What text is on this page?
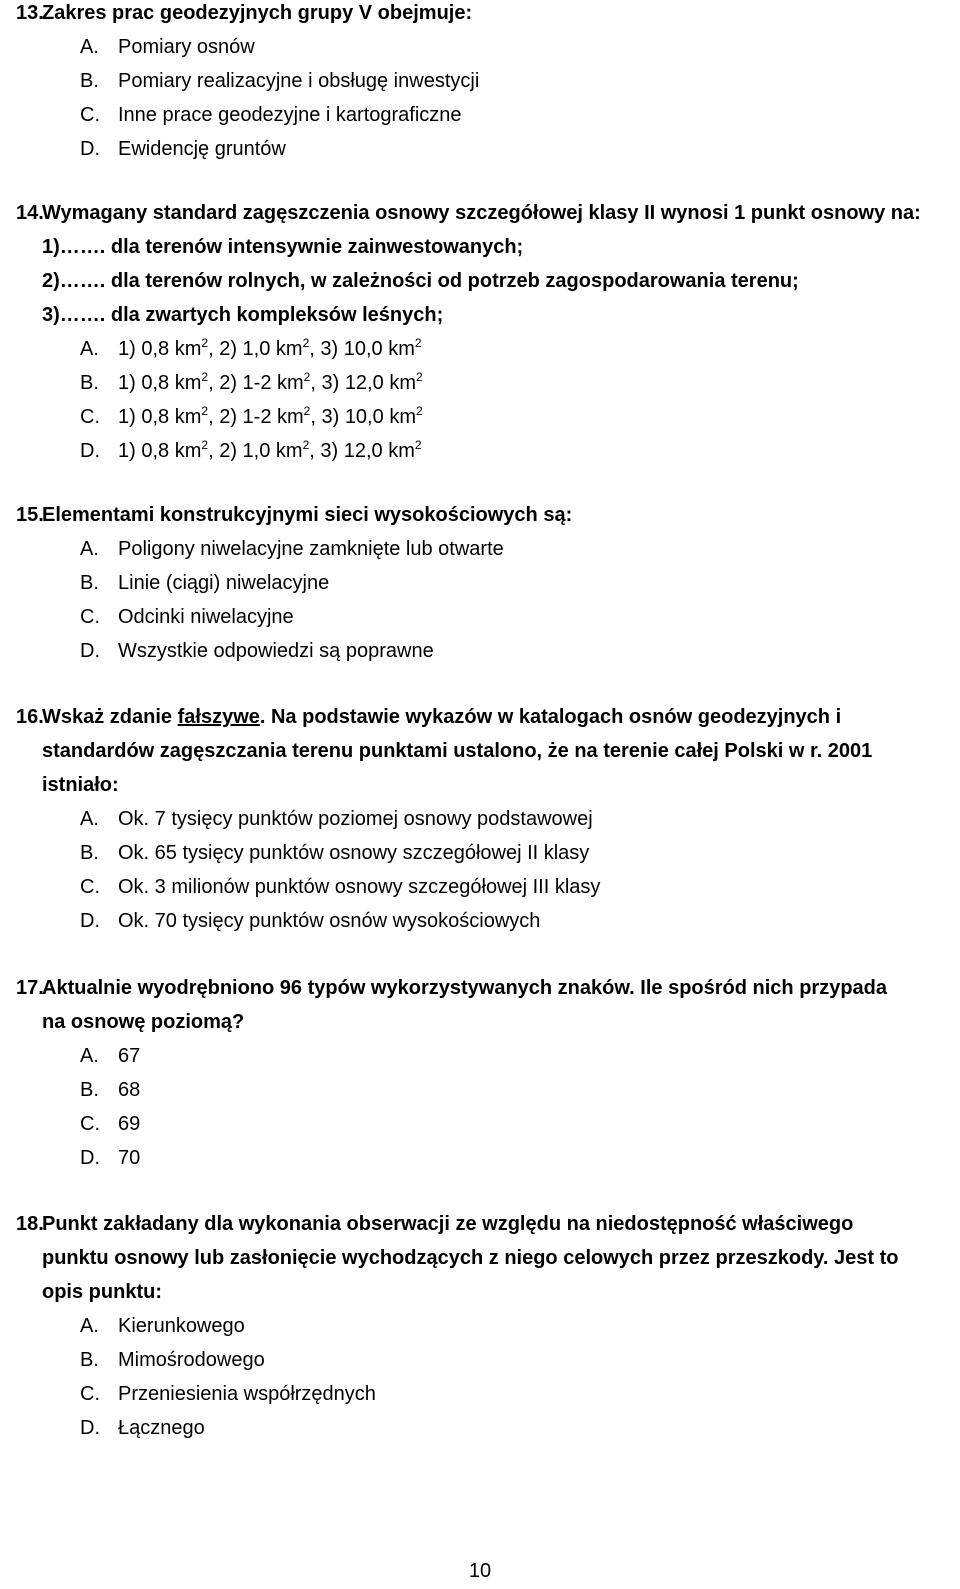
13.Zakres prac geodezyjnych grupy V obejmuje:
A. Pomiary osnów
B. Pomiary realizacyjne i obsługę inwestycji
C. Inne prace geodezyjne i kartograficzne
D. Ewidencję gruntów
14.Wymagany standard zagęszczenia osnowy szczegółowej klasy II wynosi 1 punkt osnowy na:
1)……. dla terenów intensywnie zainwestowanych;
2)……. dla terenów rolnych, w zależności od potrzeb zagospodarowania terenu;
3)……. dla zwartych kompleksów leśnych;
A. 1) 0,8 $km^2$, 2) 1,0 $km^2$, 3) 10,0 $km^2$
B. 1) 0,8 $km^2$, 2) 1-2 $km^2$, 3) 12,0 $km^2$
C. 1) 0,8 $km^2$, 2) 1-2 $km^2$, 3) 10,0 $km^2$
D. 1) 0,8 $km^2$, 2) 1,0 $km^2$, 3) 12,0 $km^2$
15.Elementami konstrukcyjnymi sieci wysokościowych są:
A. Poligony niwelacyjne zamknięte lub otwarte
B. Linie (ciągi) niwelacyjne
C. Odcinki niwelacyjne
D. Wszystkie odpowiedzi są poprawne
16.Wskaż zdanie fałszywe. Na podstawie wykazów w katalogach osnów geodezyjnych i
standardów zagęszczania terenu punktami ustalono, że na terenie całej Polski w r. 2001
istniało:
A. Ok. 7 tysięcy punktów poziomej osnowy podstawowej
B. Ok. 65 tysięcy punktów osnowy szczegółowej II klasy
C. Ok. 3 milionów punktów osnowy szczegółowej III klasy
D. Ok. 70 tysięcy punktów osnów wysokościowych
17.Aktualnie wyodrębniono 96 typów wykorzystywanych znaków. Ile spośród nich przypada
na osnowę poziomą?
A. 67
B. 68
C. 69
D. 70
18.Punkt zakładany dla wykonania obserwacji ze względu na niedostępność właściwego
punktu osnowy lub zasłonięcie wychodzących z niego celowych przez przeszkody. Jest to
opis punktu:
A. Kierunkowego
B. Mimośrodowego
C. Przeniesienia współrzędnych
D. Łącznego
10
